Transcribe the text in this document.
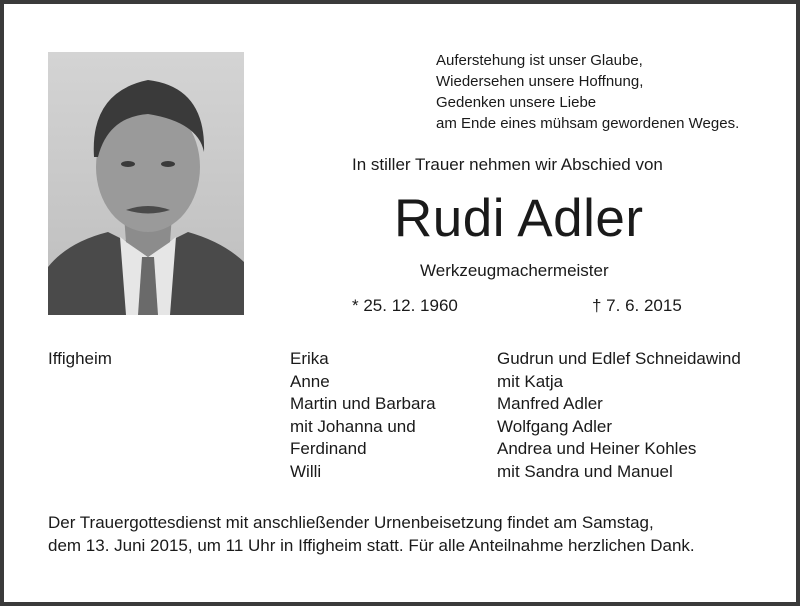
Auferstehung ist unser Glaube,
Wiedersehen unsere Hoffnung,
Gedenken unsere Liebe
am Ende eines mühsam gewordenen Weges.
In stiller Trauer nehmen wir Abschied von
Rudi Adler
Werkzeugmachermeister
* 25. 12. 1960	† 7. 6. 2015
Iffigheim	Erika
Anne
Martin und Barbara
mit Johanna und
Ferdinand
Willi
Gudrun und Edlef Schneidawind
mit Katja
Manfred Adler
Wolfgang Adler
Andrea und Heiner Kohles
mit Sandra und Manuel
Der Trauergottesdienst mit anschließender Urnenbeisetzung findet am Samstag,
dem 13. Juni 2015, um 11 Uhr in Iffigheim statt. Für alle Anteilnahme herzlichen Dank.
